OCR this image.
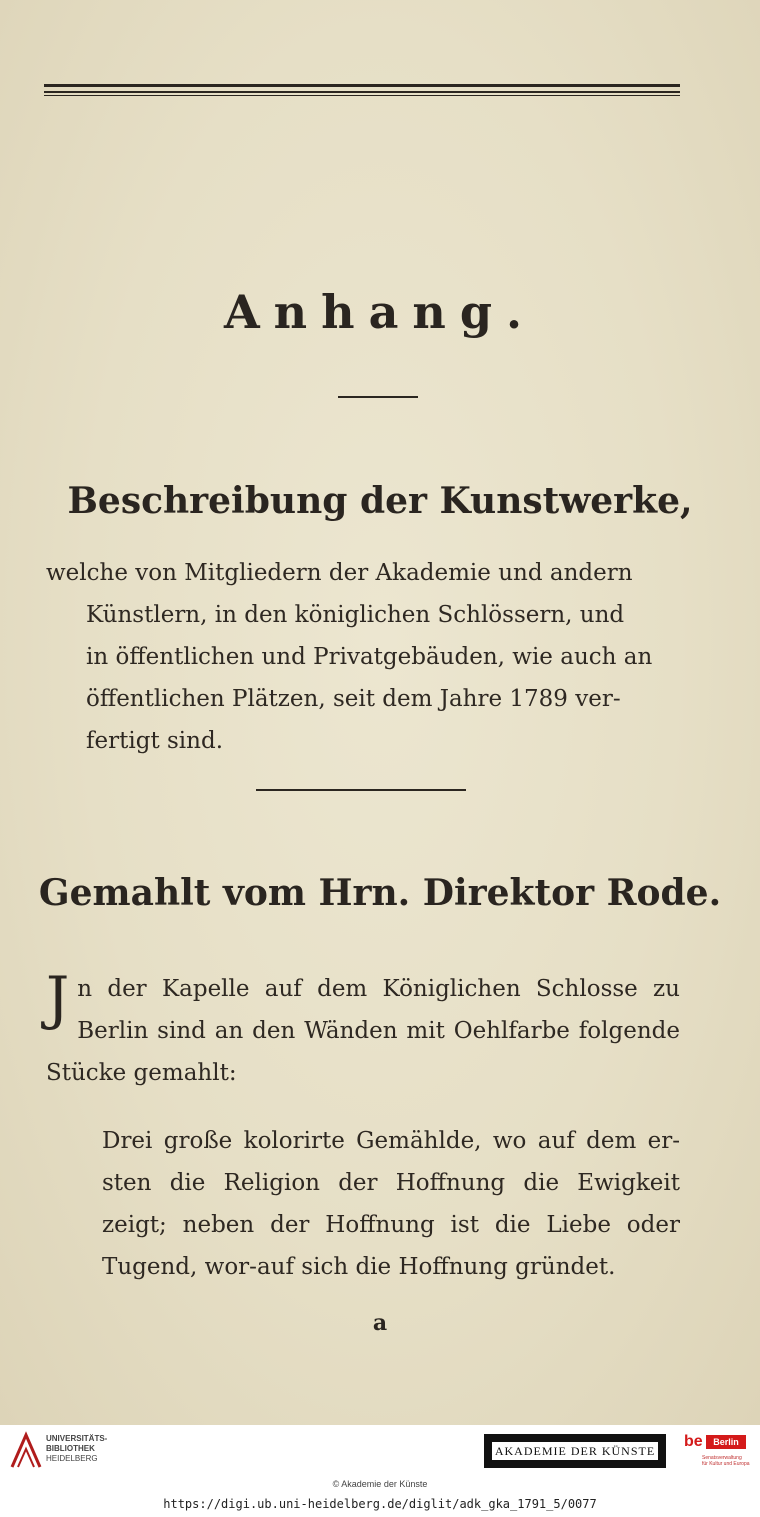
Anhang.
Beschreibung der Kunstwerke,
welche von Mitgliedern der Akademie und andern
Künstlern, in den königlichen Schlössern, und
in öffentlichen und Privatgebäuden, wie auch an
öffentlichen Plätzen, seit dem Jahre 1789 ver-
fertigt sind.
Gemahlt vom Hrn. Direktor Rode.
Jn der Kapelle auf dem Königlichen Schlosse zu Berlin sind an den Wänden mit Oehlfarbe folgende Stücke gemahlt:
Drei große kolorirte Gemählde, wo auf dem er-sten die Religion der Hoffnung die Ewigkeit zeigt; neben der Hoffnung ist die Liebe oder Tugend, wor-auf sich die Hoffnung gründet.
a
UNIVERSITÄTS-
BIBLIOTHEK
HEIDELBERG
AKADEMIE DER KÜNSTE
be	Berlin
Senatsverwaltung
für Kultur und Europa
© Akademie der Künste
https://digi.ub.uni-heidelberg.de/diglit/adk_gka_1791_5/0077
